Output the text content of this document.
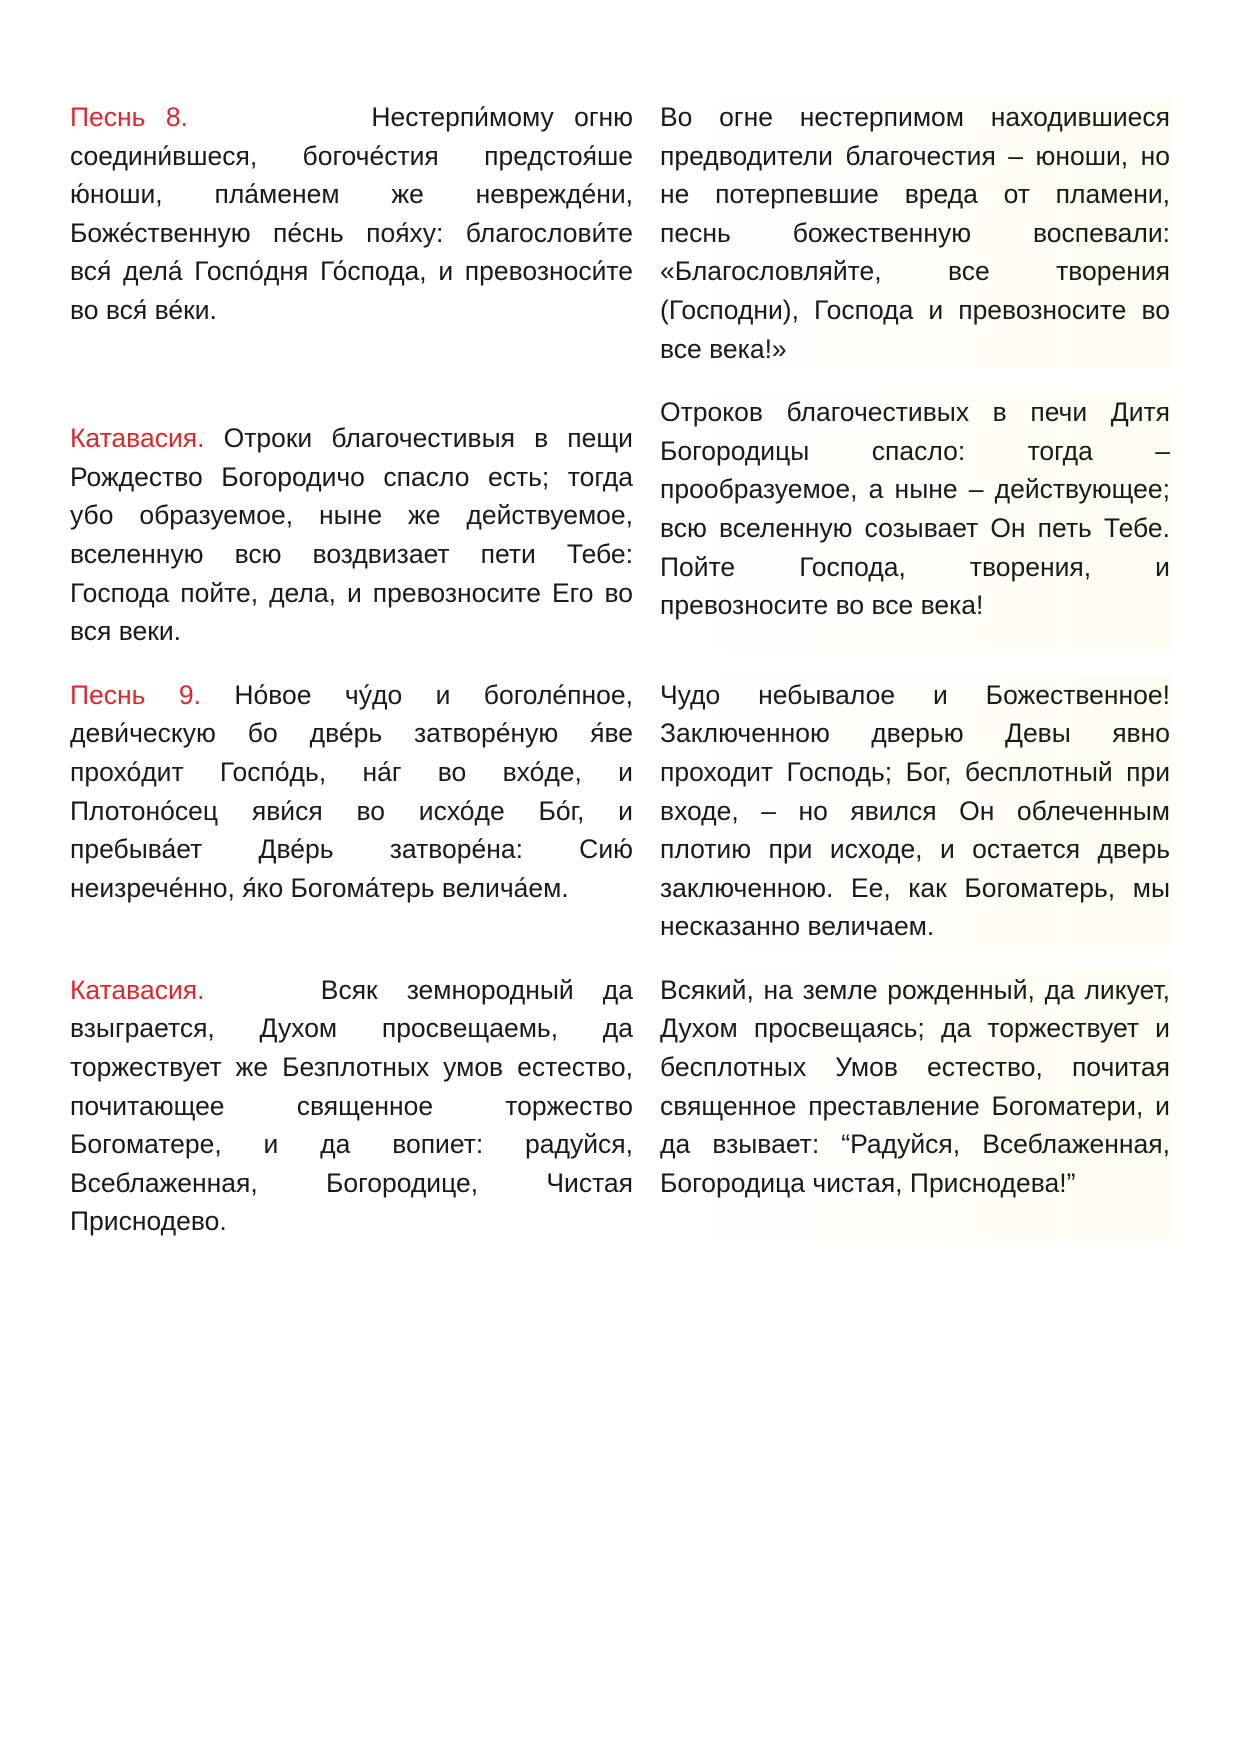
Песнь 8.	Нестерпи́мому огню соедини́вшеся, богоче́стия предстоя́ше ю́ноши, пла́менем же невреждéни, Боже́ственную пе́снь поя́ху: благослови́те вся́ дела́ Госпо́дня Го́спода, и превозноси́те во вся́ ве́ки.
Во огне нестерпимом находившиеся предводители благочестия – юноши, но не потерпевшие вреда от пламени, песнь божественную воспевали: «Благословляйте, все творения (Господни), Господа и превозносите во все века!»
Катавасия. Отроки благочестивыя в пещи Рождество Богородичо спасло есть; тогда убо образуемое, ныне же действуемое, вселенную всю воздвизает пети Тебе: Господа пойте, дела, и превозносите Его во вся веки.
Отроков благочестивых в печи Дитя Богородицы спасло: тогда – прообразуемое, а ныне – действующее; всю вселенную созывает Он петь Тебе. Пойте Господа, творения, и превозносите во все века!
Песнь 9. Но́вое чу́до и боголе́пное, деви́ческую бо две́рь затворе́ную я́ве прохо́дит Госпо́дь, на́г во вхо́де, и Плотоно́сец яви́ся во исхо́де Бо́г, и пребыва́ет Две́рь затворе́на: Сию́ неизрече́нно, я́ко Богома́терь велича́ем.
Чудо небывалое и Божественное! Заключенною дверью Девы явно проходит Господь; Бог, бесплотный при входе, – но явился Он облеченным плотию при исходе, и остается дверь заключенною. Ее, как Богоматерь, мы несказанно величаем.
Катавасия.	Всяк земнородный да взыграется, Духом просвещаемь, да торжествует же Безплотных умов естество, почитающее священное торжество Богоматере, и да вопиет: радуйся, Всеблаженная, Богородице, Чистая Приснодево.
Всякий, на земле рожденный, да ликует, Духом просвещаясь; да торжествует и бесплотных Умов естество, почитая священное преставление Богоматери, и да взывает: “Радуйся, Всеблаженная, Богородица чистая, Приснодева!”
